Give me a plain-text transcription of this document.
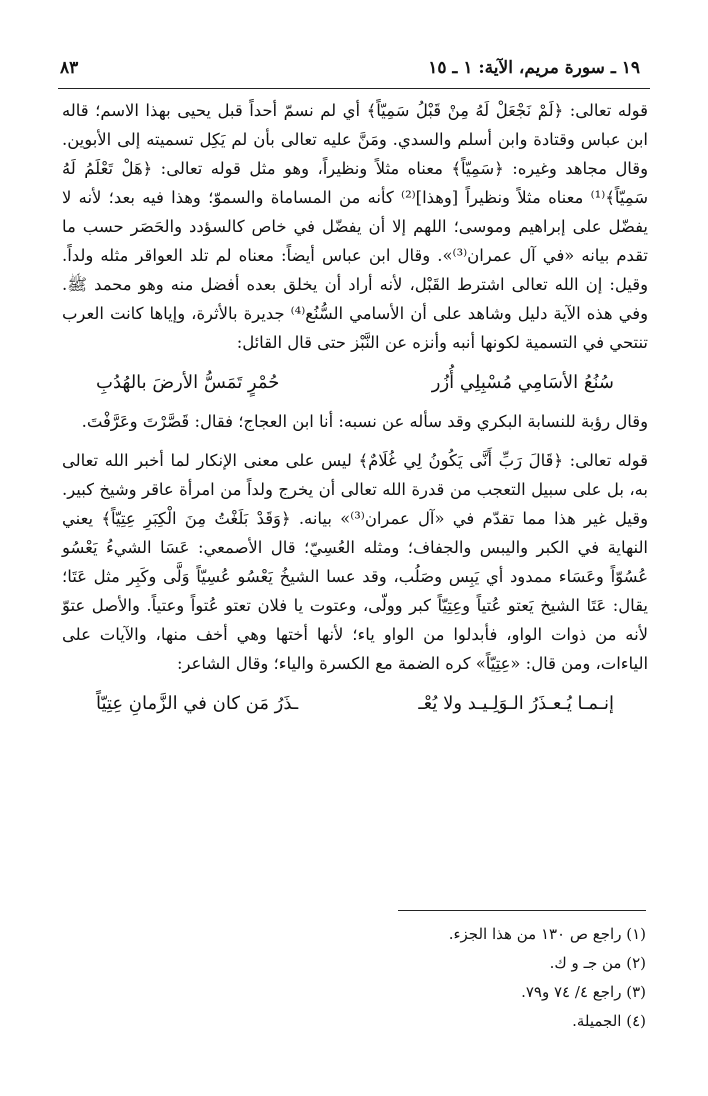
١٩ ـ سورة مريم، الآية: ١ ـ ١٥
٨٣

قوله تعالى: ﴿لَمْ نَجْعَلْ لَهُ مِنْ قَبْلُ سَمِيّاً﴾ أي لم نسمّ أحداً قبل يحيى بهذا الاسم؛ قاله ابن عباس وقتادة وابن أسلم والسدي. ومَنَّ عليه تعالى بأن لم يَكِل تسميته إلى الأبوين. وقال مجاهد وغيره: ﴿سَمِيّاً﴾ معناه مثلاً ونظيراً، وهو مثل قوله تعالى: ﴿هَلْ تَعْلَمُ لَهُ سَمِيّاً﴾⁽¹⁾ معناه مثلاً ونظيراً [وهذا]⁽²⁾ كأنه من المساماة والسموّ؛ وهذا فيه بعد؛ لأنه لا يفضّل على إبراهيم وموسى؛ اللهم إلا أن يفضّل في خاص كالسؤدد والحَصَر حسب ما تقدم بيانه «في آل عمران⁽³⁾». وقال ابن عباس أيضاً: معناه لم تلد العواقر مثله ولداً. وقيل: إن الله تعالى اشترط القَبْل، لأنه أراد أن يخلق بعده أفضل منه وهو محمد ﷺ. وفي هذه الآية دليل وشاهد على أن الأسامي السُّنُع⁽⁴⁾ جديرة بالأثرة، وإياها كانت العرب تنتحي في التسمية لكونها أنبه وأنزه عن النَّبْز حتى قال القائل:

سُنُعُ الأسَامِي مُسْبِلِي أُزُر
حُمْرٍ تَمَسُّ الأرضَ بالهُدُبِ

وقال رؤبة للنسابة البكري وقد سأله عن نسبه: أنا ابن العجاج؛ فقال: قَصَّرْتَ وعَرَّفْتَ.

قوله تعالى: ﴿قَالَ رَبِّ أَنَّى يَكُونُ لِي غُلَامٌ﴾ ليس على معنى الإنكار لما أخبر الله تعالى به، بل على سبيل التعجب من قدرة الله تعالى أن يخرج ولداً من امرأة عاقر وشيخ كبير. وقيل غير هذا مما تقدّم في «آل عمران⁽³⁾» بيانه. ﴿وَقَدْ بَلَغْتُ مِنَ الْكِبَرِ عِتِيّاً﴾ يعني النهاية في الكبر واليبس والجفاف؛ ومثله العُسِيّ؛ قال الأصمعي: عَسَا الشيءُ يَعْسُو عُسُوّاً وعَسَاء ممدود أي يَبِس وصَلُب، وقد عسا الشيخُ يَعْسُو عُسِيّاً وَلَّى وكَبِر مثل عَتَا؛ يقال: عَتَا الشيخ يَعتو عُتياً وعِتِيّاً كبر وولّى، وعتوت يا فلان تعتو عُتواً وعتياً. والأصل عتوّ لأنه من ذوات الواو، فأبدلوا من الواو ياء؛ لأنها أختها وهي أخف منها، والآيات على الياءات، ومن قال: «عِتِيّاً» كره الضمة مع الكسرة والياء؛ وقال الشاعر:

إنـمـا يُـعـذَرُ الـوَلِـيـد ولا يُعْـ
ـذَرُ مَن كان في الزَّمانِ عِتِيّاً

(١) راجع ص ١٣٠ من هذا الجزء.

(٢) من جـ و ك.

(٣) راجع ٤/ ٧٤ و٧٩.

(٤) الجميلة.
